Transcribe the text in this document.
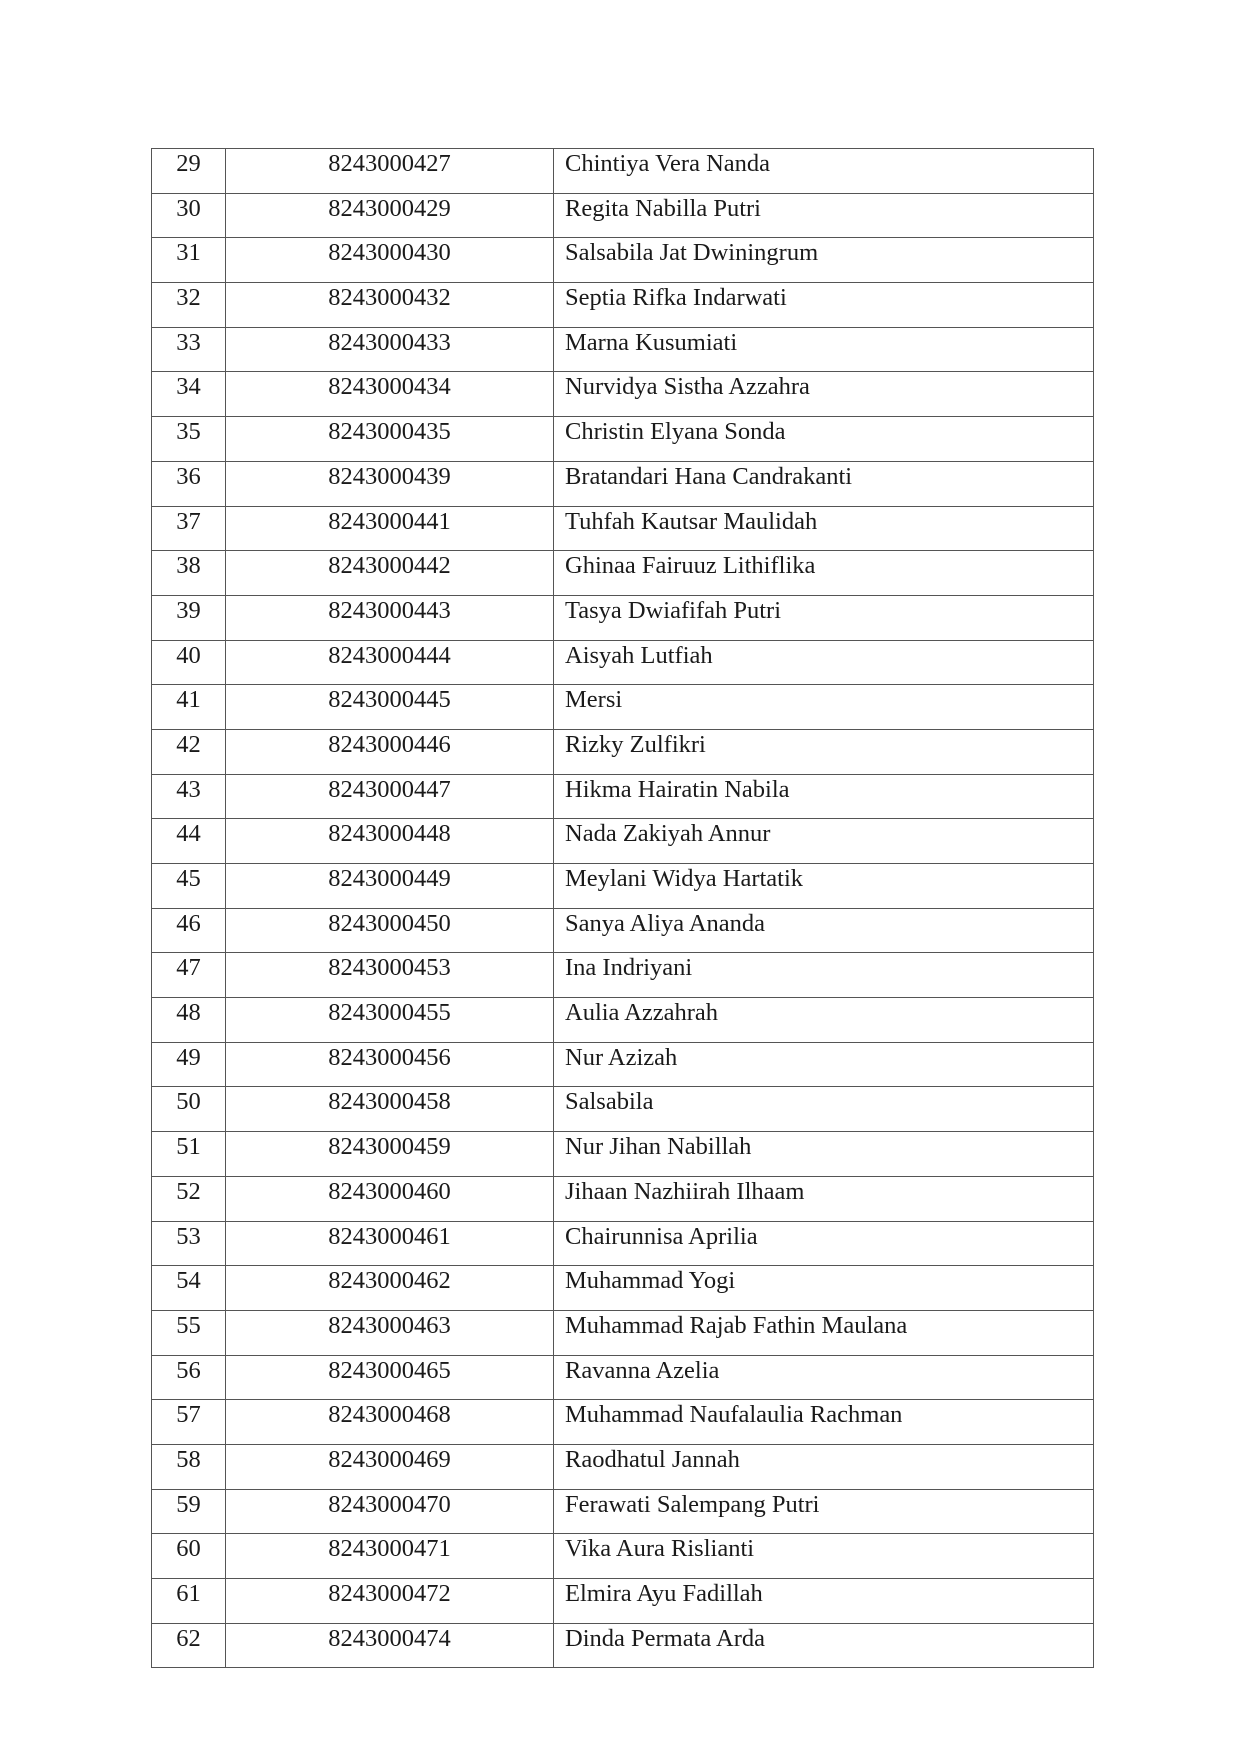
29	8243000427	Chintiya Vera Nanda

30	8243000429	Regita Nabilla Putri

31	8243000430	Salsabila Jat Dwiningrum

32	8243000432	Septia Rifka Indarwati

33	8243000433	Marna Kusumiati

34	8243000434	Nurvidya Sistha Azzahra

35	8243000435	Christin Elyana Sonda

36	8243000439	Bratandari Hana Candrakanti

37	8243000441	Tuhfah Kautsar Maulidah

38	8243000442	Ghinaa Fairuuz Lithiflika

39	8243000443	Tasya Dwiafifah Putri

40	8243000444	Aisyah Lutfiah

41	8243000445	Mersi

42	8243000446	Rizky Zulfikri

43	8243000447	Hikma Hairatin Nabila

44	8243000448	Nada Zakiyah Annur

45	8243000449	Meylani Widya Hartatik

46	8243000450	Sanya Aliya Ananda

47	8243000453	Ina Indriyani

48	8243000455	Aulia Azzahrah

49	8243000456	Nur Azizah

50	8243000458	Salsabila

51	8243000459	Nur Jihan Nabillah

52	8243000460	Jihaan Nazhiirah Ilhaam

53	8243000461	Chairunnisa Aprilia

54	8243000462	Muhammad Yogi

55	8243000463	Muhammad Rajab Fathin Maulana

56	8243000465	Ravanna Azelia

57	8243000468	Muhammad Naufalaulia Rachman

58	8243000469	Raodhatul Jannah

59	8243000470	Ferawati Salempang Putri

60	8243000471	Vika Aura Rislianti

61	8243000472	Elmira Ayu Fadillah

62	8243000474	Dinda Permata Arda
